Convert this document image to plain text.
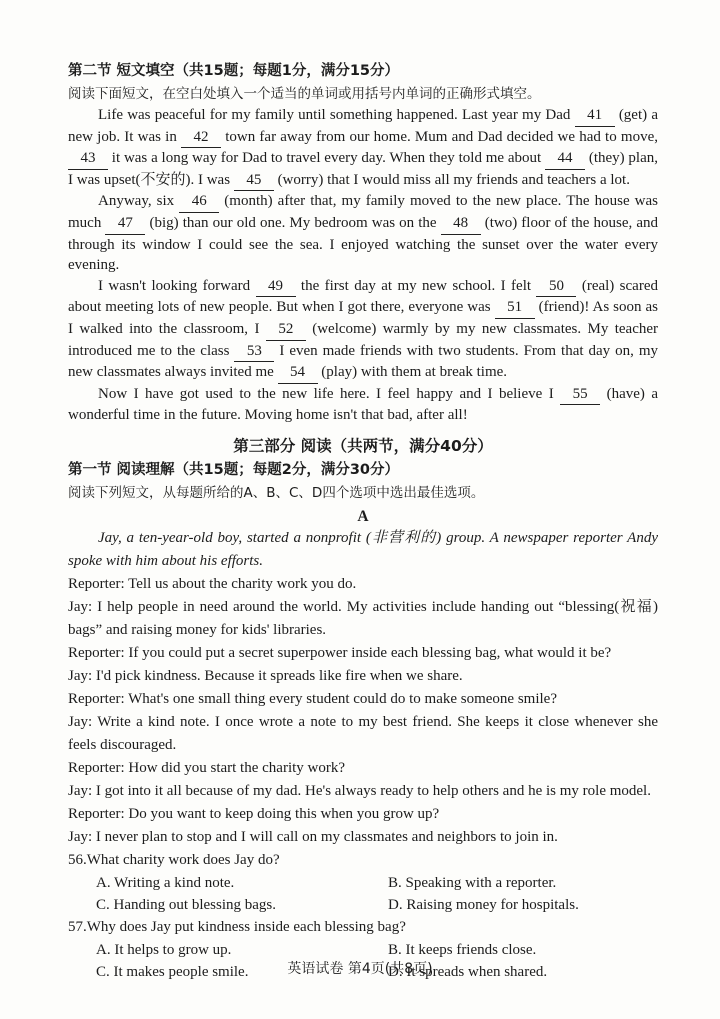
第二节 短文填空（共15题；每题1分，满分15分）

阅读下面短文，在空白处填入一个适当的单词或用括号内单词的正确形式填空。

Life was peaceful for my family until something happened. Last year my Dad 41 (get) a new job. It was in 42 town far away from our home. Mum and Dad decided we had to move, 43 it was a long way for Dad to travel every day. When they told me about 44 (they) plan, I was upset(不安的). I was 45 (worry) that I would miss all my friends and teachers a lot.

Anyway, six 46 (month) after that, my family moved to the new place. The house was much 47 (big) than our old one. My bedroom was on the 48 (two) floor of the house, and through its window I could see the sea. I enjoyed watching the sunset over the water every evening.

I wasn't looking forward 49 the first day at my new school. I felt 50 (real) scared about meeting lots of new people. But when I got there, everyone was 51 (friend)! As soon as I walked into the classroom, I 52 (welcome) warmly by my new classmates. My teacher introduced me to the class 53 I even made friends with two students. From that day on, my new classmates always invited me 54 (play) with them at break time.

Now I have got used to the new life here. I feel happy and I believe I 55 (have) a wonderful time in the future. Moving home isn't that bad, after all!

第三部分 阅读（共两节，满分40分）

第一节 阅读理解（共15题；每题2分，满分30分）

阅读下列短文，从每题所给的A、B、C、D四个选项中选出最佳选项。

A

Jay, a ten-year-old boy, started a nonprofit (非营利的) group. A newspaper reporter Andy spoke with him about his efforts.

Reporter: Tell us about the charity work you do.

Jay: I help people in need around the world. My activities include handing out “blessing(祝福) bags” and raising money for kids' libraries.

Reporter: If you could put a secret superpower inside each blessing bag, what would it be?

Jay: I'd pick kindness. Because it spreads like fire when we share.

Reporter: What's one small thing every student could do to make someone smile?

Jay: Write a kind note. I once wrote a note to my best friend. She keeps it close whenever she feels discouraged.

Reporter: How did you start the charity work?

Jay: I got into it all because of my dad. He's always ready to help others and he is my role model.

Reporter: Do you want to keep doing this when you grow up?

Jay: I never plan to stop and I will call on my classmates and neighbors to join in.

56.What charity work does Jay do?

A. Writing a kind note.	B. Speaking with a reporter.
C. Handing out blessing bags.	D. Raising money for hospitals.

57.Why does Jay put kindness inside each blessing bag?

A. It helps to grow up.	B. It keeps friends close.
C. It makes people smile.	D. It spreads when shared.
英语试卷 第4页(共8页)
